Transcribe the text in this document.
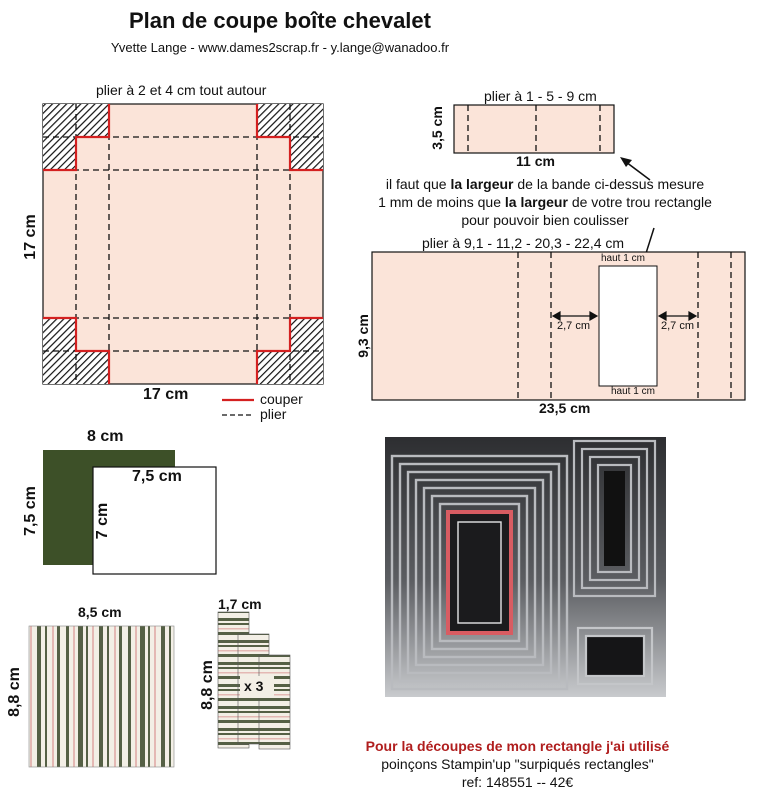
Plan de coupe boîte chevalet
Yvette Lange - www.dames2scrap.fr - y.lange@wanadoo.fr
plier à 2 et 4 cm tout autour
17 cm
17 cm	couper
plier
plier à 1 - 5 - 9 cm
3,5 cm
11 cm
il faut que la largeur de la bande ci-dessus mesure
1 mm de moins que la largeur de votre trou rectangle
pour pouvoir bien coulisser
plier à 9,1 - 11,2 - 20,3 - 22,4 cm
9,3 cm
23,5 cm
haut 1 cm
haut 1 cm
2,7 cm	2,7 cm
8 cm
7,5 cm
7,5 cm
7 cm
8,5 cm
8,8 cm
1,7 cm
8,8 cm x 3
Pour la découpes de mon rectangle j'ai utilisé
poinçons Stampin'up "surpiqués rectangles"
ref: 148551 -- 42€
